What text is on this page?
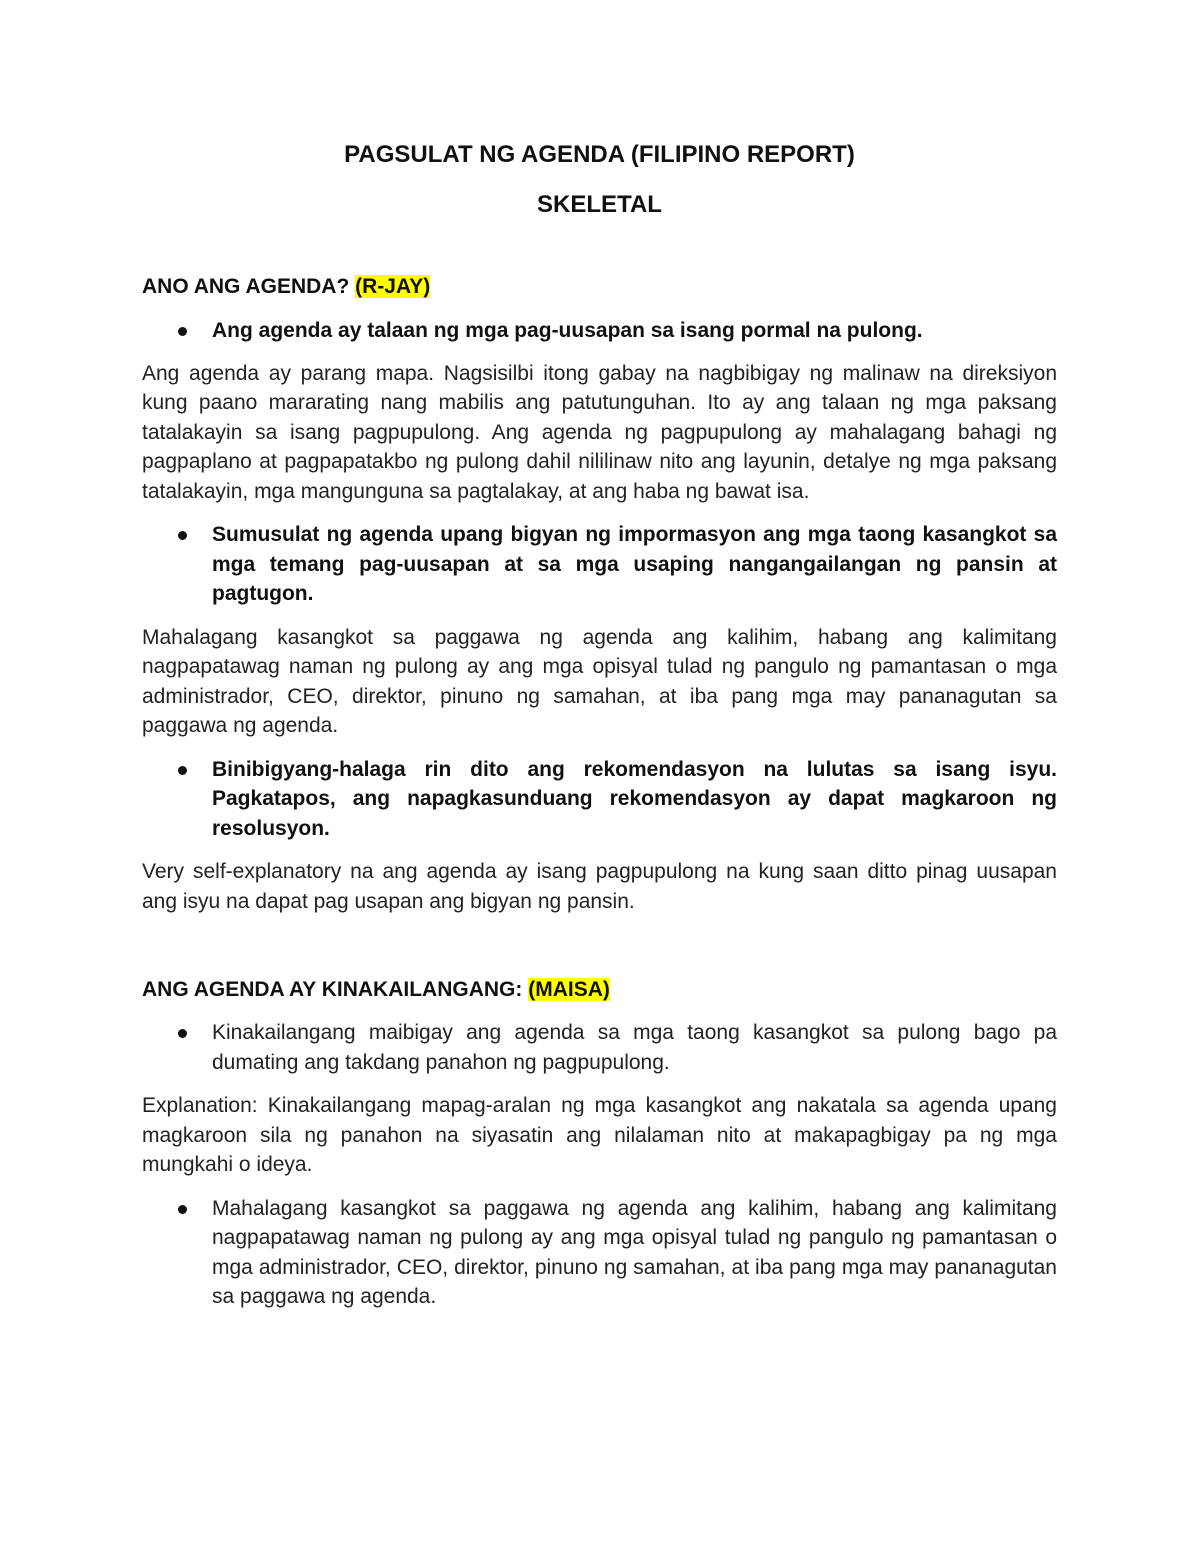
PAGSULAT NG AGENDA (FILIPINO REPORT)
SKELETAL

ANO ANG AGENDA? (R-JAY)

Ang agenda ay talaan ng mga pag-uusapan sa isang pormal na pulong.

Ang agenda ay parang mapa. Nagsisilbi itong gabay na nagbibigay ng malinaw na direksiyon kung paano mararating nang mabilis ang patutunguhan. Ito ay ang talaan ng mga paksang tatalakayin sa isang pagpupulong. Ang agenda ng pagpupulong ay mahalagang bahagi ng pagpaplano at pagpapatakbo ng pulong dahil nililinaw nito ang layunin, detalye ng mga paksang tatalakayin, mga mangunguna sa pagtalakay, at ang haba ng bawat isa.

Sumusulat ng agenda upang bigyan ng impormasyon ang mga taong kasangkot sa mga temang pag-uusapan at sa mga usaping nangangailangan ng pansin at pagtugon.

Mahalagang kasangkot sa paggawa ng agenda ang kalihim, habang ang kalimitang nagpapatawag naman ng pulong ay ang mga opisyal tulad ng pangulo ng pamantasan o mga administrador, CEO, direktor, pinuno ng samahan, at iba pang mga may pananagutan sa paggawa ng agenda.

Binibigyang-halaga rin dito ang rekomendasyon na lulutas sa isang isyu. Pagkatapos, ang napagkasunduang rekomendasyon ay dapat magkaroon ng resolusyon.

Very self-explanatory na ang agenda ay isang pagpupulong na kung saan ditto pinag uusapan ang isyu na dapat pag usapan ang bigyan ng pansin.

ANG AGENDA AY KINAKAILANGANG: (MAISA)

Kinakailangang maibigay ang agenda sa mga taong kasangkot sa pulong bago pa dumating ang takdang panahon ng pagpupulong.

Explanation: Kinakailangang mapag-aralan ng mga kasangkot ang nakatala sa agenda upang magkaroon sila ng panahon na siyasatin ang nilalaman nito at makapagbigay pa ng mga mungkahi o ideya.

Mahalagang kasangkot sa paggawa ng agenda ang kalihim, habang ang kalimitang nagpapatawag naman ng pulong ay ang mga opisyal tulad ng pangulo ng pamantasan o mga administrador, CEO, direktor, pinuno ng samahan, at iba pang mga may pananagutan sa paggawa ng agenda.
